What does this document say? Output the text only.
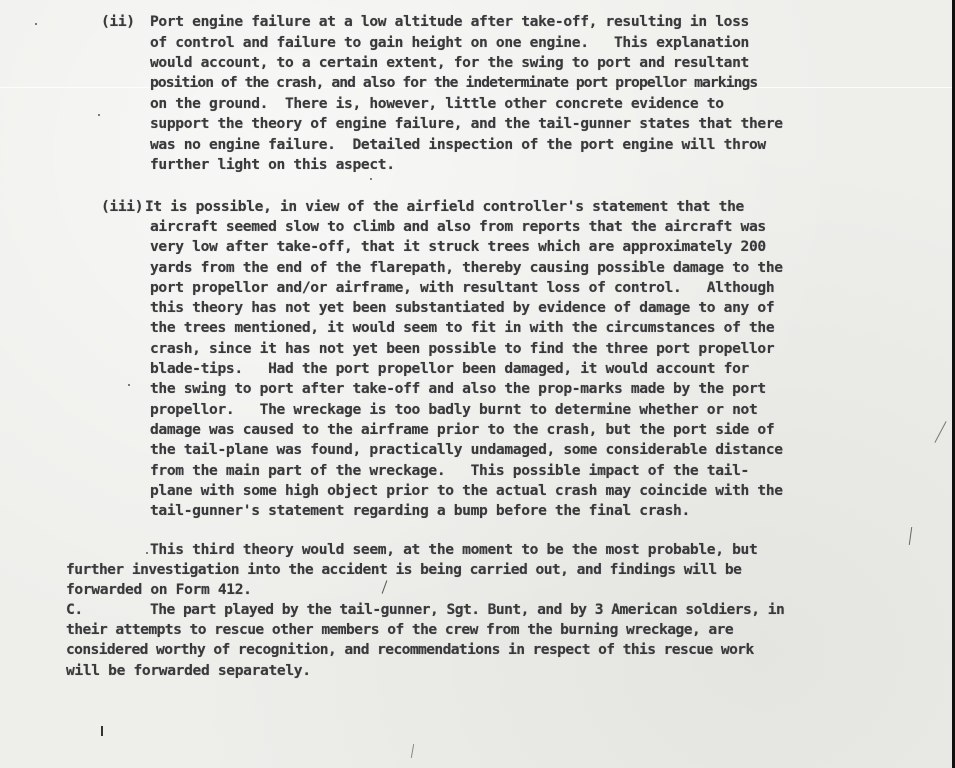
(ii) Port engine failure at a low altitude after take-off, resulting in loss
of control and failure to gain height on one engine.   This explanation
would account, to a certain extent, for the swing to port and resultant
position of the crash, and also for the indeterminate port propellor markings
on the ground.  There is, however, little other concrete evidence to
support the theory of engine failure, and the tail-gunner states that there
was no engine failure.  Detailed inspection of the port engine will throw
further light on this aspect.
(iii) It is possible, in view of the airfield controller's statement that the
aircraft seemed slow to climb and also from reports that the aircraft was
very low after take-off, that it struck trees which are approximately 200
yards from the end of the flarepath, thereby causing possible damage to the
port propellor and/or airframe, with resultant loss of control.   Although
this theory has not yet been substantiated by evidence of damage to any of
the trees mentioned, it would seem to fit in with the circumstances of the
crash, since it has not yet been possible to find the three port propellor
blade-tips.   Had the port propellor been damaged, it would account for
the swing to port after take-off and also the prop-marks made by the port
propellor.   The wreckage is too badly burnt to determine whether or not
damage was caused to the airframe prior to the crash, but the port side of
the tail-plane was found, practically undamaged, some considerable distance
from the main part of the wreckage.   This possible impact of the tail-
plane with some high object prior to the actual crash may coincide with the
tail-gunner's statement regarding a bump before the final crash.
This third theory would seem, at the moment to be the most probable, but
further investigation into the accident is being carried out, and findings will be
forwarded on Form 412.
C.	The part played by the tail-gunner, Sgt. Bunt, and by 3 American soldiers, in
their attempts to rescue other members of the crew from the burning wreckage, are
considered worthy of recognition, and recommendations in respect of this rescue work
will be forwarded separately.
